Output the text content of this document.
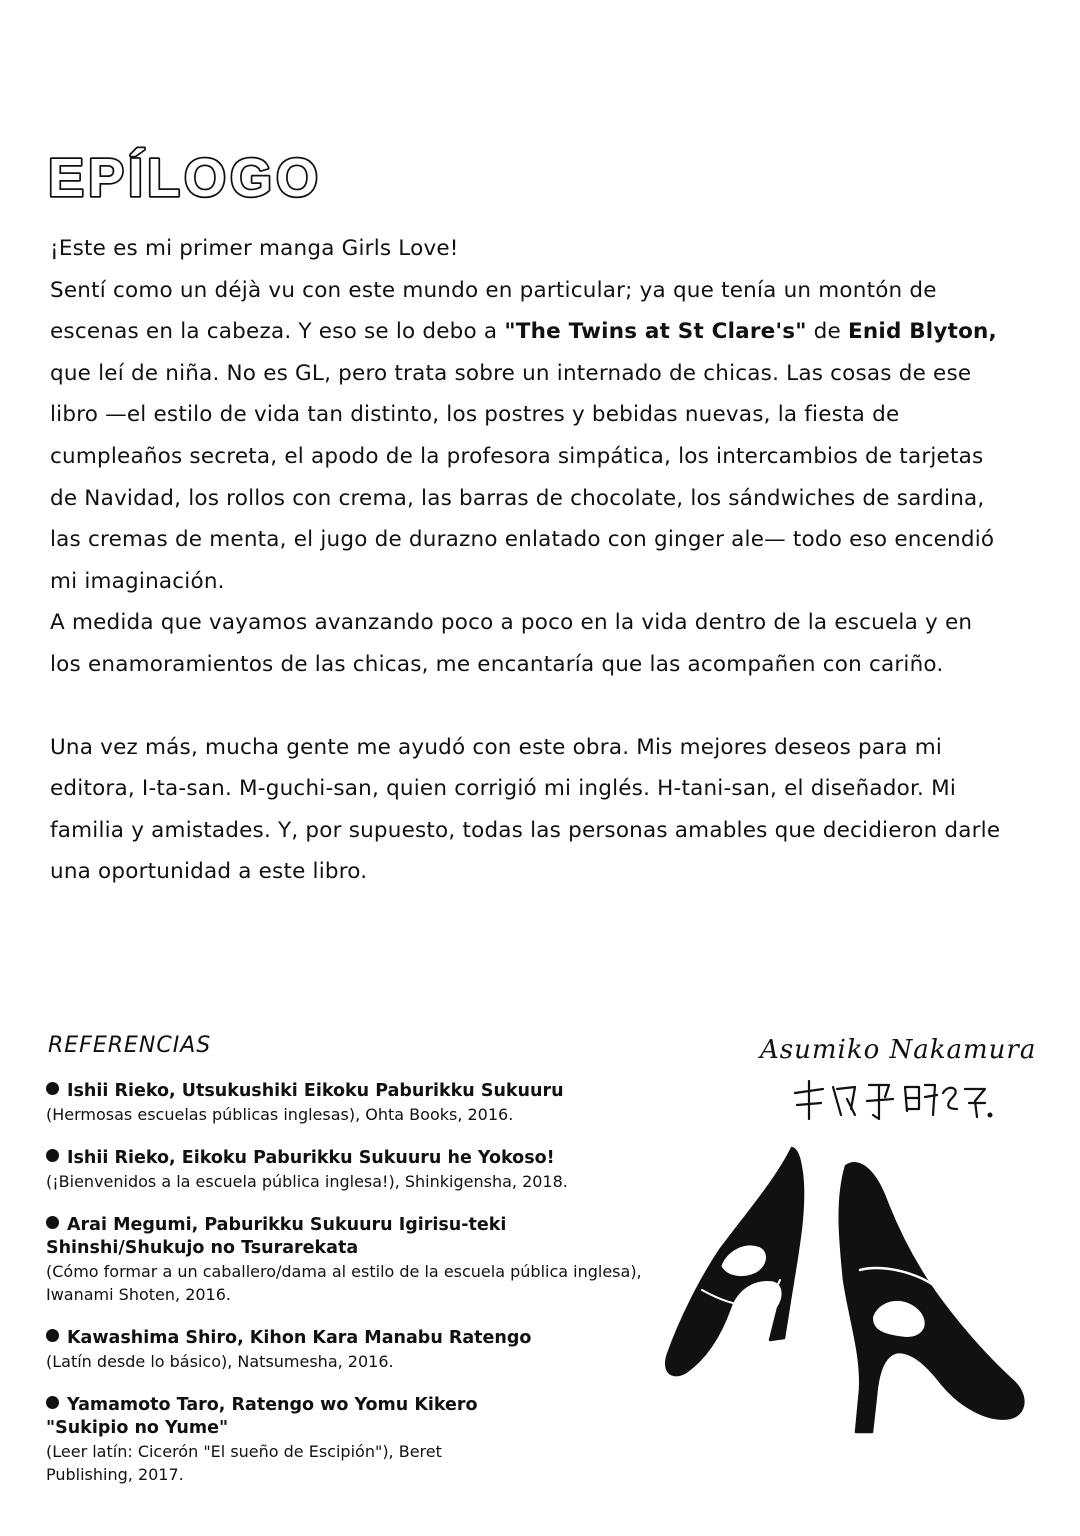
EPÍLOGO

¡Este es mi primer manga Girls Love!

Sentí como un déjà vu con este mundo en particular; ya que tenía un montón de escenas en la cabeza. Y eso se lo debo a "The Twins at St Clare's" de Enid Blyton, que leí de niña. No es GL, pero trata sobre un internado de chicas. Las cosas de ese libro —el estilo de vida tan distinto, los postres y bebidas nuevas, la fiesta de cumpleaños secreta, el apodo de la profesora simpática, los intercambios de tarjetas de Navidad, los rollos con crema, las barras de chocolate, los sándwiches de sardina, las cremas de menta, el jugo de durazno enlatado con ginger ale— todo eso encendió mi imaginación.

A medida que vayamos avanzando poco a poco en la vida dentro de la escuela y en los enamoramientos de las chicas, me encantaría que las acompañen con cariño.

Una vez más, mucha gente me ayudó con este obra. Mis mejores deseos para mi editora, I-ta-san. M-guchi-san, quien corrigió mi inglés. H-tani-san, el diseñador. Mi familia y amistades. Y, por supuesto, todas las personas amables que decidieron darle una oportunidad a este libro.

REFERENCIAS
Ishii Rieko, Utsukushiki Eikoku Paburikku Sukuuru
(Hermosas escuelas públicas inglesas), Ohta Books, 2016.
Ishii Rieko, Eikoku Paburikku Sukuuru he Yokoso!
(¡Bienvenidos a la escuela pública inglesa!), Shinkigensha, 2018.
Arai Megumi, Paburikku Sukuuru Igirisu-teki Shinshi/Shukujo no Tsurarekata
(Cómo formar a un caballero/dama al estilo de la escuela pública inglesa), Iwanami Shoten, 2016.
Kawashima Shiro, Kihon Kara Manabu Ratengo
(Latín desde lo básico), Natsumesha, 2016.
Yamamoto Taro, Ratengo wo Yomu Kikero "Sukipio no Yume"
(Leer latín: Cicerón "El sueño de Escipión"), Beret Publishing, 2017.
Asumiko Nakamura
